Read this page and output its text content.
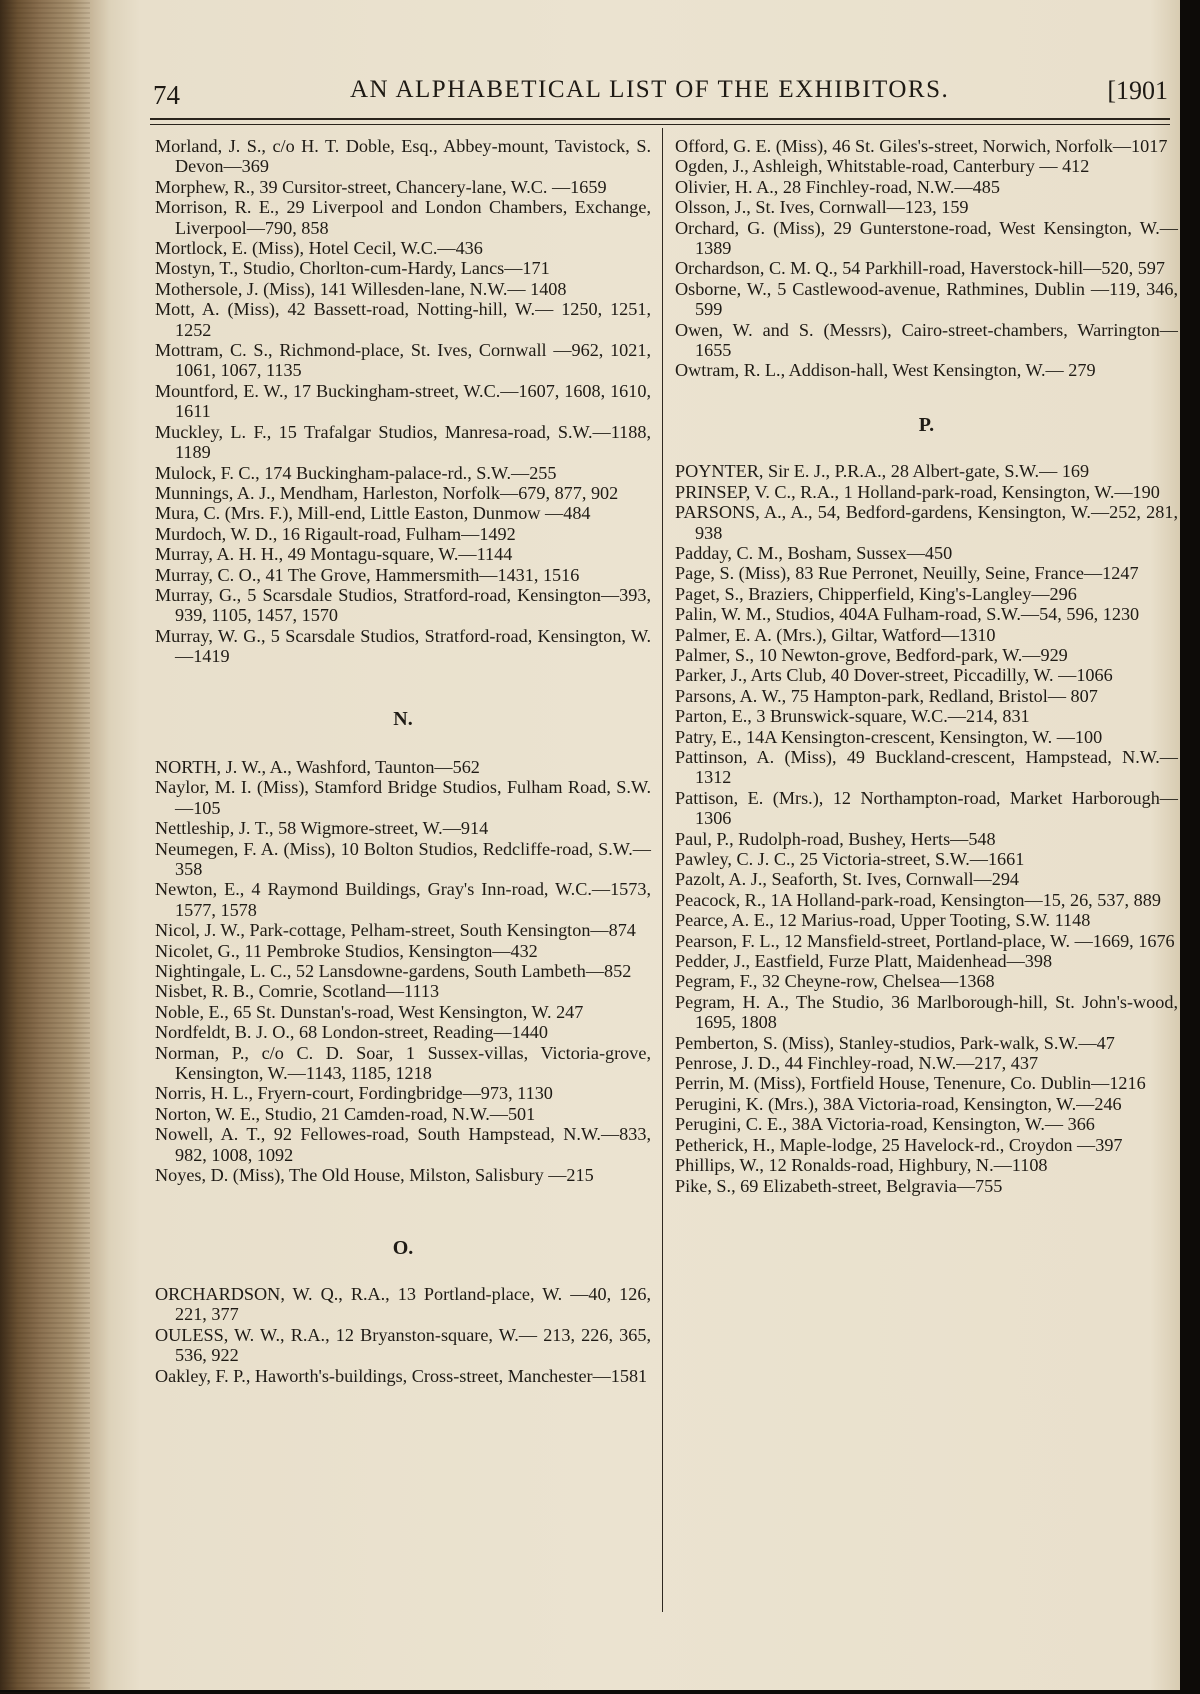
74	AN ALPHABETICAL LIST OF THE EXHIBITORS.	[1901

Morland, J. S., c/o H. T. Doble, Esq., Abbey-mount, Tavistock, S. Devon—369

Morphew, R., 39 Cursitor-street, Chancery-lane, W.C. —1659

Morrison, R. E., 29 Liverpool and London Chambers, Exchange, Liverpool—790, 858

Mortlock, E. (Miss), Hotel Cecil, W.C.—436

Mostyn, T., Studio, Chorlton-cum-Hardy, Lancs—171

Mothersole, J. (Miss), 141 Willesden-lane, N.W.— 1408

Mott, A. (Miss), 42 Bassett-road, Notting-hill, W.— 1250, 1251, 1252

Mottram, C. S., Richmond-place, St. Ives, Cornwall —962, 1021, 1061, 1067, 1135

Mountford, E. W., 17 Buckingham-street, W.C.—1607, 1608, 1610, 1611

Muckley, L. F., 15 Trafalgar Studios, Manresa-road, S.W.—1188, 1189

Mulock, F. C., 174 Buckingham-palace-rd., S.W.—255

Munnings, A. J., Mendham, Harleston, Norfolk—679, 877, 902

Mura, C. (Mrs. F.), Mill-end, Little Easton, Dunmow —484

Murdoch, W. D., 16 Rigault-road, Fulham—1492

Murray, A. H. H., 49 Montagu-square, W.—1144

Murray, C. O., 41 The Grove, Hammersmith—1431, 1516

Murray, G., 5 Scarsdale Studios, Stratford-road, Kensington—393, 939, 1105, 1457, 1570

Murray, W. G., 5 Scarsdale Studios, Stratford-road, Kensington, W.—1419

N.

NORTH, J. W., A., Washford, Taunton—562

Naylor, M. I. (Miss), Stamford Bridge Studios, Fulham Road, S.W.—105

Nettleship, J. T., 58 Wigmore-street, W.—914

Neumegen, F. A. (Miss), 10 Bolton Studios, Redcliffe-road, S.W.—358

Newton, E., 4 Raymond Buildings, Gray's Inn-road, W.C.—1573, 1577, 1578

Nicol, J. W., Park-cottage, Pelham-street, South Kensington—874

Nicolet, G., 11 Pembroke Studios, Kensington—432

Nightingale, L. C., 52 Lansdowne-gardens, South Lambeth—852

Nisbet, R. B., Comrie, Scotland—1113

Noble, E., 65 St. Dunstan's-road, West Kensington, W. 247

Nordfeldt, B. J. O., 68 London-street, Reading—1440

Norman, P., c/o C. D. Soar, 1 Sussex-villas, Victoria-grove, Kensington, W.—1143, 1185, 1218

Norris, H. L., Fryern-court, Fordingbridge—973, 1130

Norton, W. E., Studio, 21 Camden-road, N.W.—501

Nowell, A. T., 92 Fellowes-road, South Hampstead, N.W.—833, 982, 1008, 1092

Noyes, D. (Miss), The Old House, Milston, Salisbury —215

O.

ORCHARDSON, W. Q., R.A., 13 Portland-place, W. —40, 126, 221, 377

OULESS, W. W., R.A., 12 Bryanston-square, W.— 213, 226, 365, 536, 922

Oakley, F. P., Haworth's-buildings, Cross-street, Manchester—1581

Offord, G. E. (Miss), 46 St. Giles's-street, Norwich, Norfolk—1017

Ogden, J., Ashleigh, Whitstable-road, Canterbury — 412

Olivier, H. A., 28 Finchley-road, N.W.—485

Olsson, J., St. Ives, Cornwall—123, 159

Orchard, G. (Miss), 29 Gunterstone-road, West Kensington, W.—1389

Orchardson, C. M. Q., 54 Parkhill-road, Haverstock-hill—520, 597

Osborne, W., 5 Castlewood-avenue, Rathmines, Dublin —119, 346, 599

Owen, W. and S. (Messrs), Cairo-street-chambers, Warrington—1655

Owtram, R. L., Addison-hall, West Kensington, W.— 279

P.

POYNTER, Sir E. J., P.R.A., 28 Albert-gate, S.W.— 169

PRINSEP, V. C., R.A., 1 Holland-park-road, Kensington, W.—190

PARSONS, A., A., 54, Bedford-gardens, Kensington, W.—252, 281, 938

Padday, C. M., Bosham, Sussex—450

Page, S. (Miss), 83 Rue Perronet, Neuilly, Seine, France—1247

Paget, S., Braziers, Chipperfield, King's-Langley—296

Palin, W. M., Studios, 404A Fulham-road, S.W.—54, 596, 1230

Palmer, E. A. (Mrs.), Giltar, Watford—1310

Palmer, S., 10 Newton-grove, Bedford-park, W.—929

Parker, J., Arts Club, 40 Dover-street, Piccadilly, W. —1066

Parsons, A. W., 75 Hampton-park, Redland, Bristol— 807

Parton, E., 3 Brunswick-square, W.C.—214, 831

Patry, E., 14A Kensington-crescent, Kensington, W. —100

Pattinson, A. (Miss), 49 Buckland-crescent, Hampstead, N.W.—1312

Pattison, E. (Mrs.), 12 Northampton-road, Market Harborough—1306

Paul, P., Rudolph-road, Bushey, Herts—548

Pawley, C. J. C., 25 Victoria-street, S.W.—1661

Pazolt, A. J., Seaforth, St. Ives, Cornwall—294

Peacock, R., 1A Holland-park-road, Kensington—15, 26, 537, 889

Pearce, A. E., 12 Marius-road, Upper Tooting, S.W. 1148

Pearson, F. L., 12 Mansfield-street, Portland-place, W. —1669, 1676

Pedder, J., Eastfield, Furze Platt, Maidenhead—398

Pegram, F., 32 Cheyne-row, Chelsea—1368

Pegram, H. A., The Studio, 36 Marlborough-hill, St. John's-wood, 1695, 1808

Pemberton, S. (Miss), Stanley-studios, Park-walk, S.W.—47

Penrose, J. D., 44 Finchley-road, N.W.—217, 437

Perrin, M. (Miss), Fortfield House, Tenenure, Co. Dublin—1216

Perugini, K. (Mrs.), 38A Victoria-road, Kensington, W.—246

Perugini, C. E., 38A Victoria-road, Kensington, W.— 366

Petherick, H., Maple-lodge, 25 Havelock-rd., Croydon —397

Phillips, W., 12 Ronalds-road, Highbury, N.—1108

Pike, S., 69 Elizabeth-street, Belgravia—755
